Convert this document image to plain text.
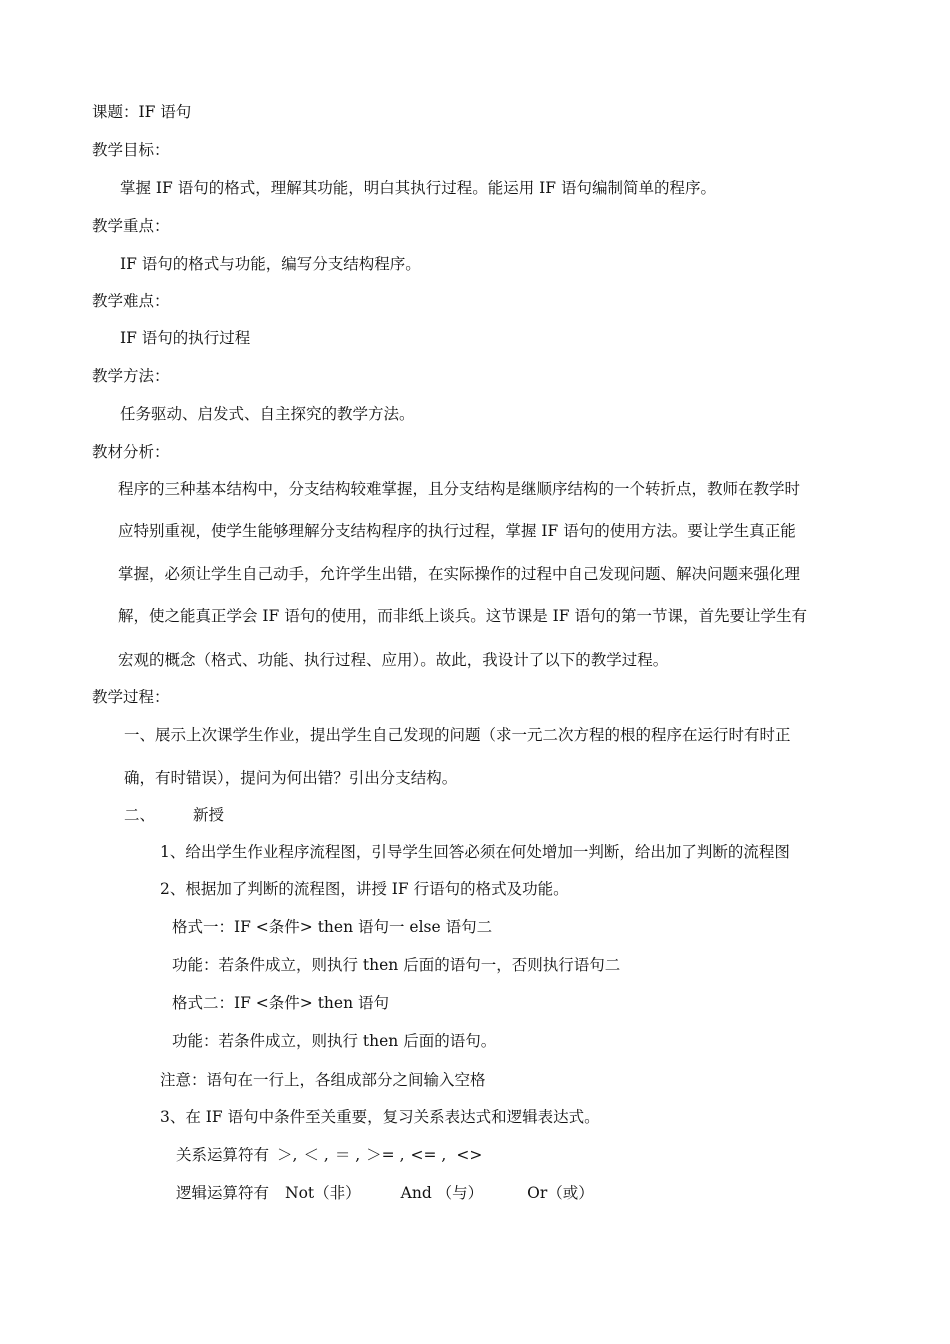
课题：IF 语句
教学目标：
掌握 IF 语句的格式，理解其功能，明白其执行过程。能运用 IF 语句编制简单的程序。
教学重点：
IF 语句的格式与功能，编写分支结构程序。
教学难点：
IF 语句的执行过程
教学方法：
任务驱动、启发式、自主探究的教学方法。
教材分析：
程序的三种基本结构中，分支结构较难掌握，且分支结构是继顺序结构的一个转折点，教师在教学时
应特别重视，使学生能够理解分支结构程序的执行过程，掌握 IF 语句的使用方法。要让学生真正能
掌握，必须让学生自己动手，允许学生出错，在实际操作的过程中自己发现问题、解决问题来强化理
解，使之能真正学会 IF 语句的使用，而非纸上谈兵。这节课是 IF 语句的第一节课，首先要让学生有
宏观的概念（格式、功能、执行过程、应用）。故此，我设计了以下的教学过程。
教学过程：
一、展示上次课学生作业，提出学生自己发现的问题（求一元二次方程的根的程序在运行时有时正
确，有时错误），提问为何出错？引出分支结构。
二、 新授
1、给出学生作业程序流程图，引导学生回答必须在何处增加一判断，给出加了判断的流程图
2、根据加了判断的流程图，讲授 IF 行语句的格式及功能。
格式一：IF <条件> then 语句一 else 语句二
功能：若条件成立，则执行 then 后面的语句一，否则执行语句二
格式二：IF <条件> then 语句
功能：若条件成立，则执行 then 后面的语句。
注意：语句在一行上，各组成部分之间输入空格
3、在 IF 语句中条件至关重要，复习关系表达式和逻辑表达式。
关系运算符有 ＞, ＜ , ＝ , ＞= , <= , <>
逻辑运算符有 Not（非）	And （与）	Or（或）
